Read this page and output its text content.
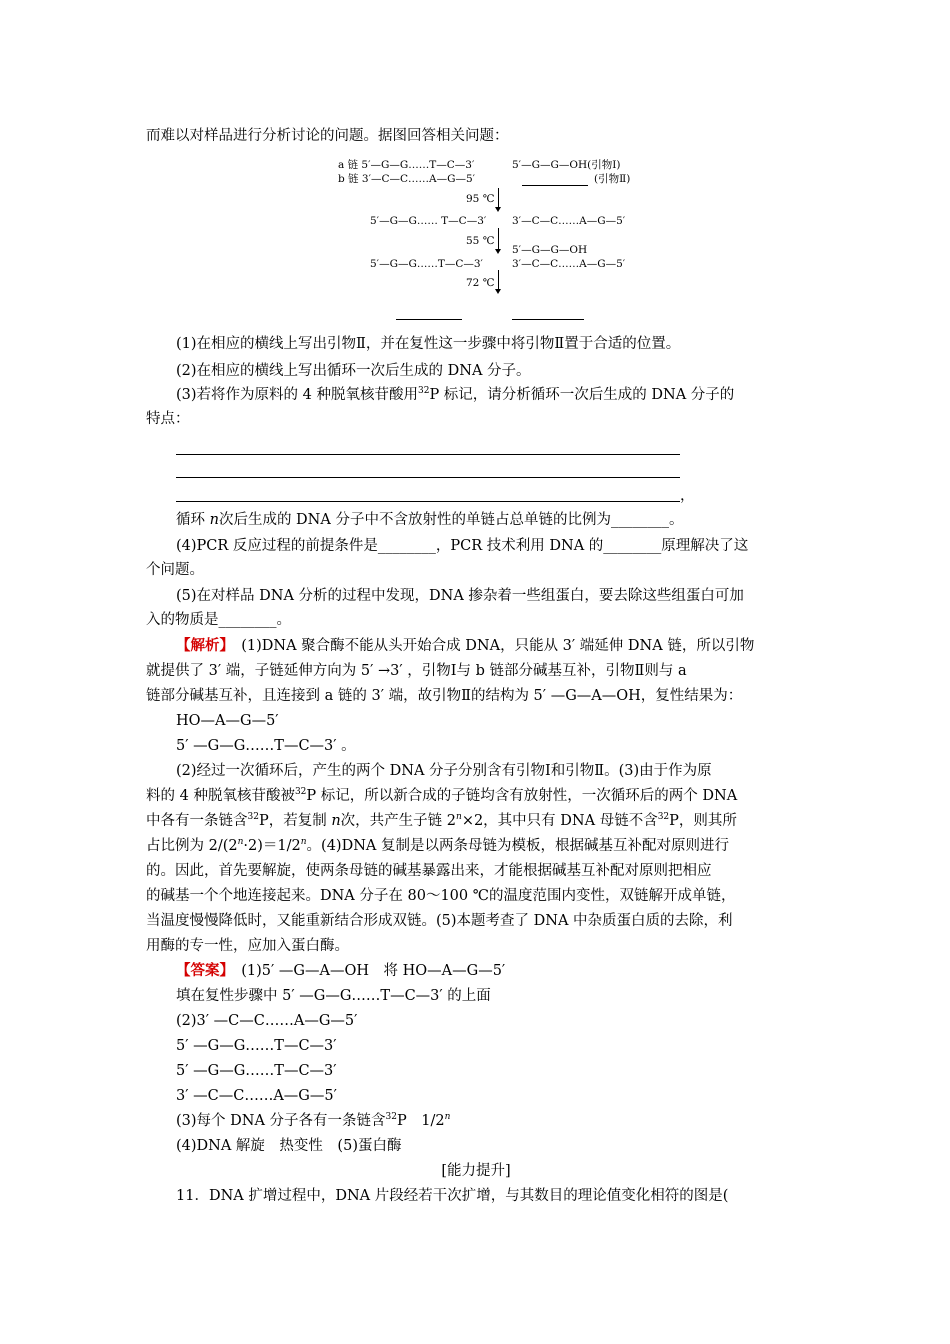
而难以对样品进行分析讨论的问题。据图回答相关问题：
a 链 5′—G—G……T—C—3′	5′—G—G—OH(引物Ⅰ)
b 链 3′—C—C……A—G—5′	(引物Ⅱ)
95 ℃
5′—G—G…… T—C—3′ 3′—C—C……A—G—5′
55 ℃
5′—G—G—OH
5′—G—G……T—C—3′	3′—C—C……A—G—5′
72 ℃
(1)在相应的横线上写出引物Ⅱ，并在复性这一步骤中将引物Ⅱ置于合适的位置。
(2)在相应的横线上写出循环一次后生成的 DNA 分子。
(3)若将作为原料的 4 种脱氧核苷酸用$^{32}$P 标记，请分析循环一次后生成的 DNA 分子的
特点：
，
循环 n次后生成的 DNA 分子中不含放射性的单链占总单链的比例为________。
(4)PCR 反应过程的前提条件是________，PCR 技术利用 DNA 的________原理解决了这
个问题。
(5)在对样品 DNA 分析的过程中发现，DNA 掺杂着一些组蛋白，要去除这些组蛋白可加
入的物质是________。
【解析】　 (1)DNA 聚合酶不能从头开始合成 DNA，只能从 3′ 端延伸 DNA 链，所以引物
就提供了 3′ 端，子链延伸方向为 5′ →3′ ，引物Ⅰ与 b 链部分碱基互补，引物Ⅱ则与 a
链部分碱基互补，且连接到 a 链的 3′ 端，故引物Ⅱ的结构为 5′ —G—A—OH，复性结果为：
HO—A—G—5′
5′ —G—G……T—C—3′ 。
(2)经过一次循环后，产生的两个 DNA 分子分别含有引物Ⅰ和引物Ⅱ。(3)由于作为原
料的 4 种脱氧核苷酸被$^{32}$P 标记，所以新合成的子链均含有放射性，一次循环后的两个 DNA
中各有一条链含$^{32}$P，若复制 n次，共产生子链 $2^n\times 2$，其中只有 DNA 母链不含$^{32}$P，则其所
占比例为 $2/(2^n\cdot 2)=1/2^n$。(4)DNA 复制是以两条母链为模板，根据碱基互补配对原则进行
的。因此，首先要解旋，使两条母链的碱基暴露出来，才能根据碱基互补配对原则把相应
的碱基一个个地连接起来。DNA 分子在 80～100 ℃的温度范围内变性，双链解开成单链，
当温度慢慢降低时，又能重新结合形成双链。(5)本题考查了 DNA 中杂质蛋白质的去除，利
用酶的专一性，应加入蛋白酶。
【答案】　 (1)5′ —G—A—OH　将 HO—A—G—5′
填在复性步骤中 5′ —G—G……T—C—3′ 的上面
(2)3′ —C—C……A—G—5′
5′ —G—G……T—C—3′
5′ —G—G……T—C—3′
3′ —C—C……A—G—5′
(3)每个 DNA 分子各有一条链含$^{32}$P　1/2$^n$
(4)DNA 解旋　热变性　(5)蛋白酶
[能力提升]
11．DNA 扩增过程中，DNA 片段经若干次扩增，与其数目的理论值变化相符的图是(
